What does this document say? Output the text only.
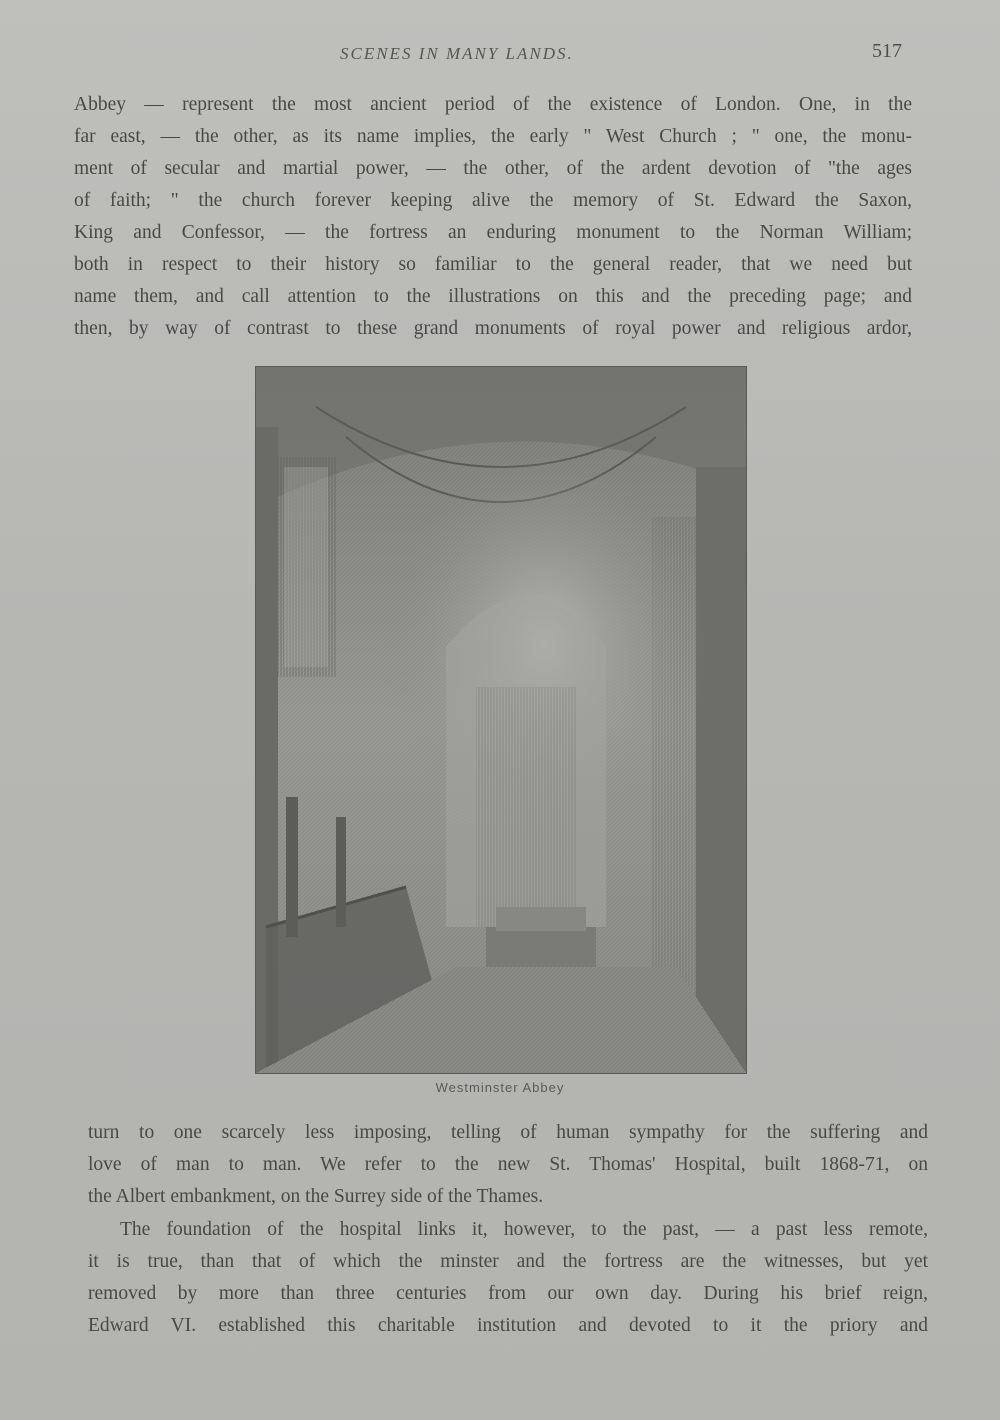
SCENES IN MANY LANDS.	517
Abbey — represent the most ancient period of the existence of London. One, in the
far east, — the other, as its name implies, the early " West Church ; " one, the monu-
ment of secular and martial power, — the other, of the ardent devotion of "the ages
of faith; " the church forever keeping alive the memory of St. Edward the Saxon,
King and Confessor, — the fortress an enduring monument to the Norman William;
both in respect to their history so familiar to the general reader, that we need but
name them, and call attention to the illustrations on this and the preceding page; and
then, by way of contrast to these grand monuments of royal power and religious ardor,
Westminster Abbey
turn to one scarcely less imposing, telling of human sympathy for the suffering and
love of man to man. We refer to the new St. Thomas' Hospital, built 1868-71, on
the Albert embankment, on the Surrey side of the Thames.
The foundation of the hospital links it, however, to the past, — a past less remote,
it is true, than that of which the minster and the fortress are the witnesses, but yet
removed by more than three centuries from our own day. During his brief reign,
Edward VI. established this charitable institution and devoted to it the priory and
